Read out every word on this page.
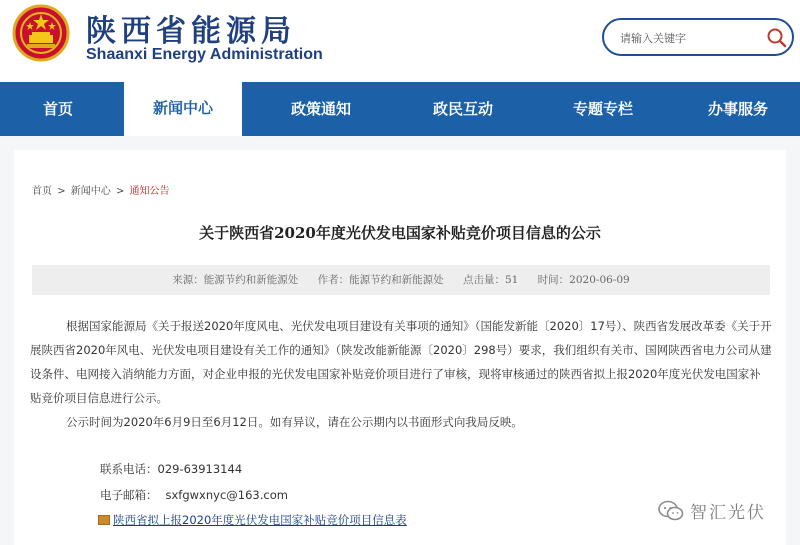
陕西省能源局
Shaanxi Energy Administration
请输入关键字
首页	新闻中心	政策通知	政民互动	专题专栏	办事服务
首页 > 新闻中心 > 通知公告
关于陕西省2020年度光伏发电国家补贴竞价项目信息的公示
来源：能源节约和新能源处 作者：能源节约和新能源处 点击量：51 时间：2020-06-09

根据国家能源局《关于报送2020年度风电、光伏发电项目建设有关事项的通知》（国能发新能〔2020〕17号）、陕西省发展改革委《关于开展陕西省2020年风电、光伏发电项目建设有关工作的通知》（陕发改能新能源〔2020〕298号）要求，我们组织有关市、国网陕西省电力公司从建设条件、电网接入消纳能力方面，对企业申报的光伏发电国家补贴竞价项目进行了审核，现将审核通过的陕西省拟上报2020年度光伏发电国家补贴竞价项目信息进行公示。

公示时间为2020年6月9日至6月12日。如有异议，请在公示期内以书面形式向我局反映。

联系电话：029-63913144
电子邮箱： sxfgwxnyc@163.com
陕西省拟上报2020年度光伏发电国家补贴竞价项目信息表	智汇光伏
